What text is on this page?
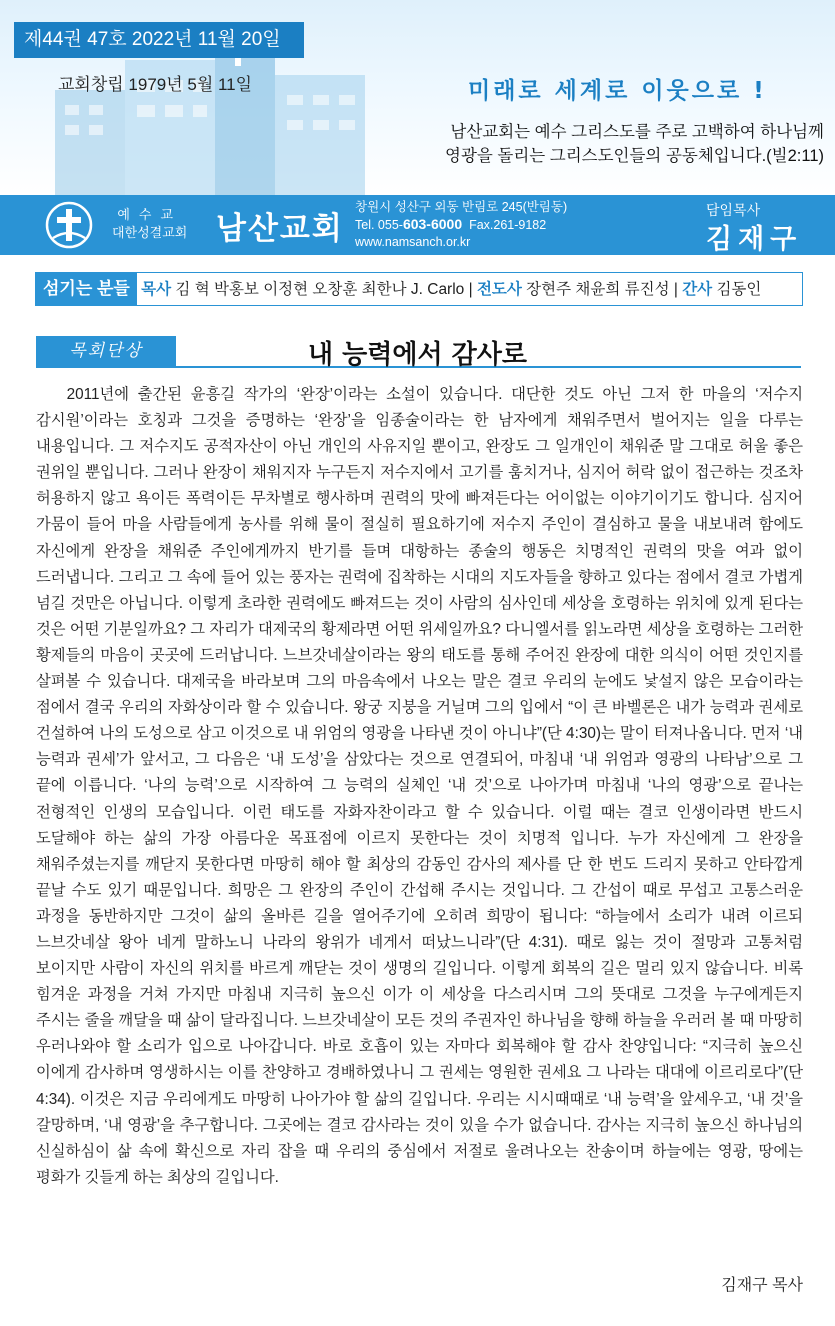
제44권 47호 2022년 11월 20일
교회창립 1979년 5월 11일	미래로 세계로 이웃으로 !
남산교회는 예수 그리스도를 주로 고백하여 하나님께
영광을 돌리는 그리스도인들의 공동체입니다.(빌2:11)
예수교
대한성결교회 남산교회
창원시 성산구 외동 반림로 245(반림동)
Tel. 055-603-6000 Fax.261-9182
www.namsanch.or.kr
담임목사
김재구
섬기는 분들 목사 김 혁 박홍보 이정현 오창훈 최한나 J. Carlo | 전도사 장현주 채윤희 류진성 | 간사 김동인
목회단상	내 능력에서 감사로
2011년에 출간된 윤흥길 작가의 ‘완장’이라는 소설이 있습니다. 대단한 것도 아닌 그저 한 마을의 ‘저수지 감시원’이라는 호칭과 그것을 증명하는 ‘완장’을 임종술이라는 한 남자에게 채워주면서 벌어지는 일을 다루는 내용입니다. 그 저수지도 공적자산이 아닌 개인의 사유지일 뿐이고, 완장도 그 일개인이 채워준 말 그대로 허울 좋은 권위일 뿐입니다. 그러나 완장이 채워지자 누구든지 저수지에서 고기를 훔치거나, 심지어 허락 없이 접근하는 것조차 허용하지 않고 욕이든 폭력이든 무차별로 행사하며 권력의 맛에 빠져든다는 어이없는 이야기이기도 합니다. 심지어 가뭄이 들어 마을 사람들에게 농사를 위해 물이 절실히 필요하기에 저수지 주인이 결심하고 물을 내보내려 함에도 자신에게 완장을 채워준 주인에게까지 반기를 들며 대항하는 종술의 행동은 치명적인 권력의 맛을 여과 없이 드러냅니다. 그리고 그 속에 들어 있는 풍자는 권력에 집착하는 시대의 지도자들을 향하고 있다는 점에서 결코 가볍게 넘길 것만은 아닙니다. 이렇게 초라한 권력에도 빠져드는 것이 사람의 심사인데 세상을 호령하는 위치에 있게 된다는 것은 어떤 기분일까요? 그 자리가 대제국의 황제라면 어떤 위세일까요? 다니엘서를 읽노라면 세상을 호령하는 그러한 황제들의 마음이 곳곳에 드러납니다. 느브갓네살이라는 왕의 태도를 통해 주어진 완장에 대한 의식이 어떤 것인지를 살펴볼 수 있습니다. 대제국을 바라보며 그의 마음속에서 나오는 말은 결코 우리의 눈에도 낯설지 않은 모습이라는 점에서 결국 우리의 자화상이라 할 수 있습니다. 왕궁 지붕을 거닐며 그의 입에서 “이 큰 바벨론은 내가 능력과 권세로 건설하여 나의 도성으로 삼고 이것으로 내 위엄의 영광을 나타낸 것이 아니냐”(단 4:30)는 말이 터져나옵니다. 먼저 ‘내 능력과 권세’가 앞서고, 그 다음은 ‘내 도성’을 삼았다는 것으로 연결되어, 마침내 ‘내 위엄과 영광의 나타남’으로 그 끝에 이릅니다. ‘나의 능력’으로 시작하여 그 능력의 실체인 ‘내 것’으로 나아가며 마침내 ‘나의 영광’으로 끝나는 전형적인 인생의 모습입니다. 이런 태도를 자화자찬이라고 할 수 있습니다. 이럴 때는 결코 인생이라면 반드시 도달해야 하는 삶의 가장 아름다운 목표점에 이르지 못한다는 것이 치명적 입니다. 누가 자신에게 그 완장을 채워주셨는지를 깨닫지 못한다면 마땅히 해야 할 최상의 감동인 감사의 제사를 단 한 번도 드리지 못하고 안타깝게 끝날 수도 있기 때문입니다. 희망은 그 완장의 주인이 간섭해 주시는 것입니다. 그 간섭이 때로 무섭고 고통스러운 과정을 동반하지만 그것이 삶의 올바른 길을 열어주기에 오히려 희망이 됩니다: “하늘에서 소리가 내려 이르되 느브갓네살 왕아 네게 말하노니 나라의 왕위가 네게서 떠났느니라”(단 4:31). 때로 잃는 것이 절망과 고통처럼 보이지만 사람이 자신의 위치를 바르게 깨닫는 것이 생명의 길입니다. 이렇게 회복의 길은 멀리 있지 않습니다. 비록 힘겨운 과정을 거쳐 가지만 마침내 지극히 높으신 이가 이 세상을 다스리시며 그의 뜻대로 그것을 누구에게든지 주시는 줄을 깨달을 때 삶이 달라집니다. 느브갓네살이 모든 것의 주권자인 하나님을 향해 하늘을 우러러 볼 때 마땅히 우러나와야 할 소리가 입으로 나아갑니다. 바로 호흡이 있는 자마다 회복해야 할 감사 찬양입니다: “지극히 높으신 이에게 감사하며 영생하시는 이를 찬양하고 경배하였나니 그 권세는 영원한 권세요 그 나라는 대대에 이르리로다”(단 4:34). 이것은 지금 우리에게도 마땅히 나아가야 할 삶의 길입니다. 우리는 시시때때로 ‘내 능력’을 앞세우고, ‘내 것’을 갈망하며, ‘내 영광’을 추구합니다. 그곳에는 결코 감사라는 것이 있을 수가 없습니다. 감사는 지극히 높으신 하나님의 신실하심이 삶 속에 확신으로 자리 잡을 때 우리의 중심에서 저절로 울려나오는 찬송이며 하늘에는 영광, 땅에는 평화가 깃들게 하는 최상의 길입니다.
김재구 목사
